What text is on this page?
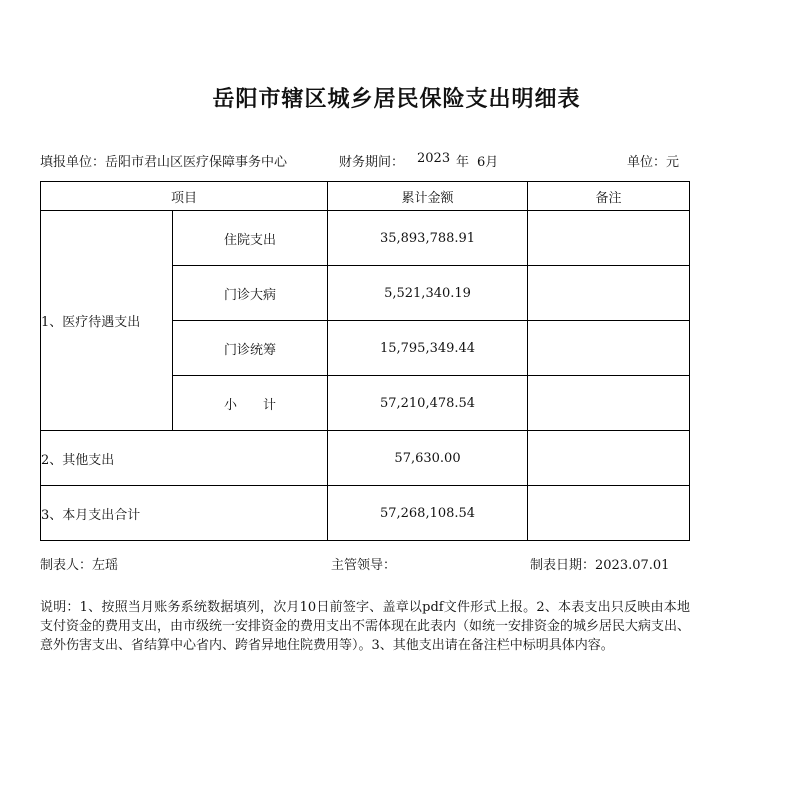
岳阳市辖区城乡居民保险支出明细表
填报单位：岳阳市君山区医疗保障事务中心	财务期间： 2023 年 6月	单位：元
项目		累计金额	备注
1、医疗待遇支出	住院支出	35,893,788.91	
	门诊大病	5,521,340.19	
	门诊统筹	15,795,349.44	
	小　　计	57,210,478.54	
2、其他支出		57,630.00	
3、本月支出合计		57,268,108.54	
制表人：左瑶	主管领导：	制表日期：2023.07.01
说明：1、按照当月账务系统数据填列，次月10日前签字、盖章以pdf文件形式上报。2、本表支出只反映由本地支付资金的费用支出，由市级统一安排资金的费用支出不需体现在此表内（如统一安排资金的城乡居民大病支出、意外伤害支出、省结算中心省内、跨省异地住院费用等）。3、其他支出请在备注栏中标明具体内容。
